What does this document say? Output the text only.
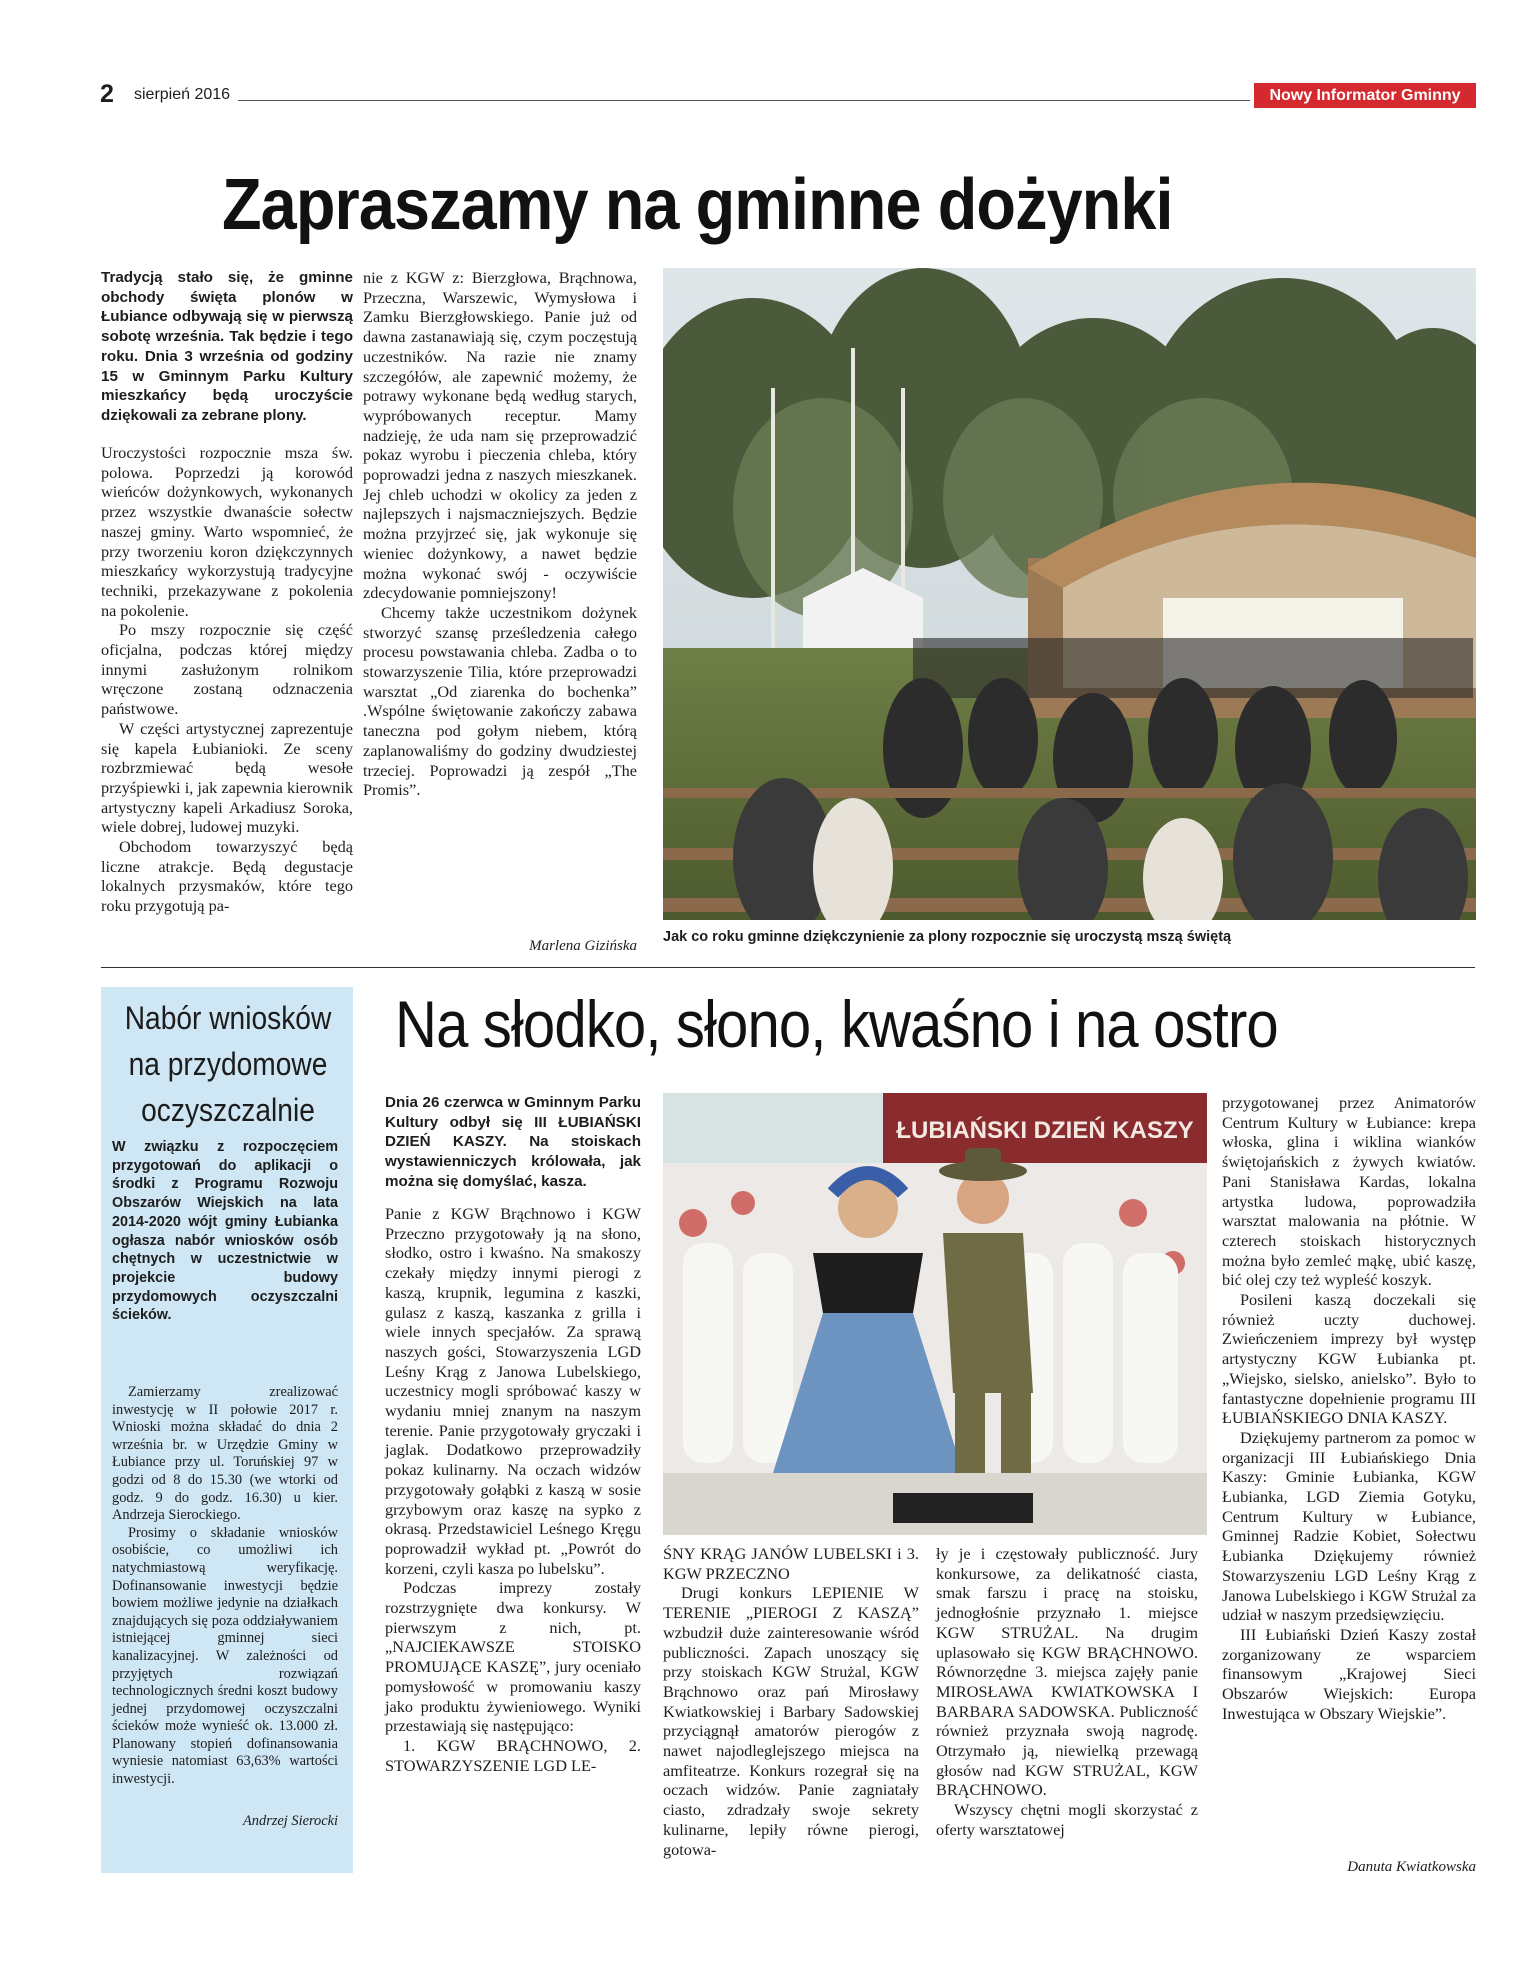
2 sierpień 2016	Nowy Informator Gminny
Zapraszamy na gminne dożynki
Tradycją stało się, że gminne obchody święta plonów w Łubiance odbywają się w pierwszą sobotę września. Tak będzie i tego roku. Dnia 3 września od godziny 15 w Gminnym Parku Kultury mieszkańcy będą uroczyście dziękowali za zebrane plony.

Uroczystości rozpocznie msza św. polowa. Poprzedzi ją korowód wieńców dożynkowych, wykonanych przez wszystkie dwanaście sołectw naszej gminy. Warto wspomnieć, że przy tworzeniu koron dziękczynnych mieszkańcy wykorzystują tradycyjne techniki, przekazywane z pokolenia na pokolenie.

Po mszy rozpocznie się część oficjalna, podczas której między innymi zasłużonym rolnikom wręczone zostaną odznaczenia państwowe.

W części artystycznej zaprezentuje się kapela Łubianioki. Ze sceny rozbrzmiewać będą wesołe przyśpiewki i, jak zapewnia kierownik artystyczny kapeli Arkadiusz Soroka, wiele dobrej, ludowej muzyki.

Obchodom towarzyszyć będą liczne atrakcje. Będą degustacje lokalnych przysmaków, które tego roku przygotują pa-

nie z KGW z: Bierzgłowa, Brąchnowa, Przeczna, Warszewic, Wymysłowa i Zamku Bierzgłowskiego. Panie już od dawna zastanawiają się, czym poczęstują uczestników. Na razie nie znamy szczegółów, ale zapewnić możemy, że potrawy wykonane będą według starych, wypróbowanych receptur. Mamy nadzieję, że uda nam się przeprowadzić pokaz wyrobu i pieczenia chleba, który poprowadzi jedna z naszych mieszkanek. Jej chleb uchodzi w okolicy za jeden z najlepszych i najsmaczniejszych. Będzie można przyjrzeć się, jak wykonuje się wieniec dożynkowy, a nawet będzie można wykonać swój - oczywiście zdecydowanie pomniejszony!

Chcemy także uczestnikom dożynek stworzyć szansę prześledzenia całego procesu powstawania chleba. Zadba o to stowarzyszenie Tilia, które przeprowadzi warsztat „Od ziarenka do bochenka” .Wspólne świętowanie zakończy zabawa taneczna pod gołym niebem, którą zaplanowaliśmy do godziny dwudziestej trzeciej. Poprowadzi ją zespół „The Promis”.

Marlena Gizińska
Jak co roku gminne dziękczynienie za plony rozpocznie się uroczystą mszą świętą
Nabór wniosków na przydomowe oczyszczalnie
W związku z rozpoczęciem przygotowań do aplikacji o środki z Programu Rozwoju Obszarów Wiejskich na lata 2014-2020 wójt gminy Łubianka ogłasza nabór wniosków osób chętnych w uczestnictwie w projekcie budowy przydomowych oczyszczalni ścieków.

Zamierzamy zrealizować inwestycję w II połowie 2017 r. Wnioski można składać do dnia 2 września br. w Urzędzie Gminy w Łubiance przy ul. Toruńskiej 97 w godzi od 8 do 15.30 (we wtorki od godz. 9 do godz. 16.30) u kier. Andrzeja Sierockiego.

Prosimy o składanie wniosków osobiście, co umożliwi ich natychmiastową weryfikację. Dofinansowanie inwestycji będzie bowiem możliwe jedynie na działkach znajdujących się poza oddziaływaniem istniejącej gminnej sieci kanalizacyjnej. W zależności od przyjętych rozwiązań technologicznych średni koszt budowy jednej przydomowej oczyszczalni ścieków może wynieść ok. 13.000 zł. Planowany stopień dofinansowania wyniesie natomiast 63,63% wartości inwestycji.

Andrzej Sierocki
Na słodko, słono, kwaśno i na ostro
Dnia 26 czerwca w Gminnym Parku Kultury odbył się III ŁUBIAŃSKI DZIEŃ KASZY. Na stoiskach wystawienniczych królowała, jak można się domyślać, kasza.

Panie z KGW Brąchnowo i KGW Przeczno przygotowały ją na słono, słodko, ostro i kwaśno. Na smakoszy czekały między innymi pierogi z kaszą, krupnik, legumina z kaszki, gulasz z kaszą, kaszanka z grilla i wiele innych specjałów. Za sprawą naszych gości, Stowarzyszenia LGD Leśny Krąg z Janowa Lubelskiego, uczestnicy mogli spróbować kaszy w wydaniu mniej znanym na naszym terenie. Panie przygotowały gryczaki i jaglak. Dodatkowo przeprowadziły pokaz kulinarny. Na oczach widzów przygotowały gołąbki z kaszą w sosie grzybowym oraz kaszę na sypko z okrasą. Przedstawiciel Leśnego Kręgu poprowadził wykład pt. „Powrót do korzeni, czyli kasza po lubelsku”.

Podczas imprezy zostały rozstrzygnięte dwa konkursy. W pierwszym z nich, pt. „NAJCIEKAWSZE STOISKO PROMUJĄCE KASZĘ”, jury oceniało pomysłowość w promowaniu kaszy jako produktu żywieniowego. Wyniki przestawiają się następująco:

1. KGW BRĄCHNOWO, 2. STOWARZYSZENIE LGD LE-

ŁUBIAŃSKI DZIEŃ KASZY

ŚNY KRĄG JANÓW LUBELSKI i 3. KGW PRZECZNO

Drugi konkurs LEPIENIE W TERENIE „PIEROGI Z KASZĄ” wzbudził duże zainteresowanie wśród publiczności. Zapach unoszący się przy stoiskach KGW Strużal, KGW Brąchnowo oraz pań Mirosławy Kwiatkowskiej i Barbary Sadowskiej przyciągnął amatorów pierogów z nawet najodleglejszego miejsca na amfiteatrze. Konkurs rozegrał się na oczach widzów. Panie zagniatały ciasto, zdradzały swoje sekrety kulinarne, lepiły równe pierogi, gotowa-

ły je i częstowały publiczność. Jury konkursowe, za delikatność ciasta, smak farszu i pracę na stoisku, jednogłośnie przyznało 1. miejsce KGW STRUŻAL. Na drugim uplasowało się KGW BRĄCHNOWO. Równorzędne 3. miejsca zajęły panie MIROSŁAWA KWIATKOWSKA I BARBARA SADOWSKA. Publiczność również przyznała swoją nagrodę. Otrzymało ją, niewielką przewagą głosów nad KGW STRUŻAL, KGW BRĄCHNOWO.

Wszyscy chętni mogli skorzystać z oferty warsztatowej

przygotowanej przez Animatorów Centrum Kultury w Łubiance: krepa włoska, glina i wiklina wianków świętojańskich z żywych kwiatów. Pani Stanisława Kardas, lokalna artystka ludowa, poprowadziła warsztat malowania na płótnie. W czterech stoiskach historycznych można było zemleć mąkę, ubić kaszę, bić olej czy też wypleść koszyk.

Posileni kaszą doczekali się również uczty duchowej. Zwieńczeniem imprezy był występ artystyczny KGW Łubianka pt. „Wiejsko, sielsko, anielsko”. Było to fantastyczne dopełnienie programu III ŁUBIAŃSKIEGO DNIA KASZY.

Dziękujemy partnerom za pomoc w organizacji III Łubiańskiego Dnia Kaszy: Gminie Łubianka, KGW Łubianka, LGD Ziemia Gotyku, Centrum Kultury w Łubiance, Gminnej Radzie Kobiet, Sołectwu Łubianka Dziękujemy również Stowarzyszeniu LGD Leśny Krąg z Janowa Lubelskiego i KGW Strużal za udział w naszym przedsięwzięciu.

III Łubiański Dzień Kaszy został zorganizowany ze wsparciem finansowym „Krajowej Sieci Obszarów Wiejskich: Europa Inwestująca w Obszary Wiejskie”.

Danuta Kwiatkowska
